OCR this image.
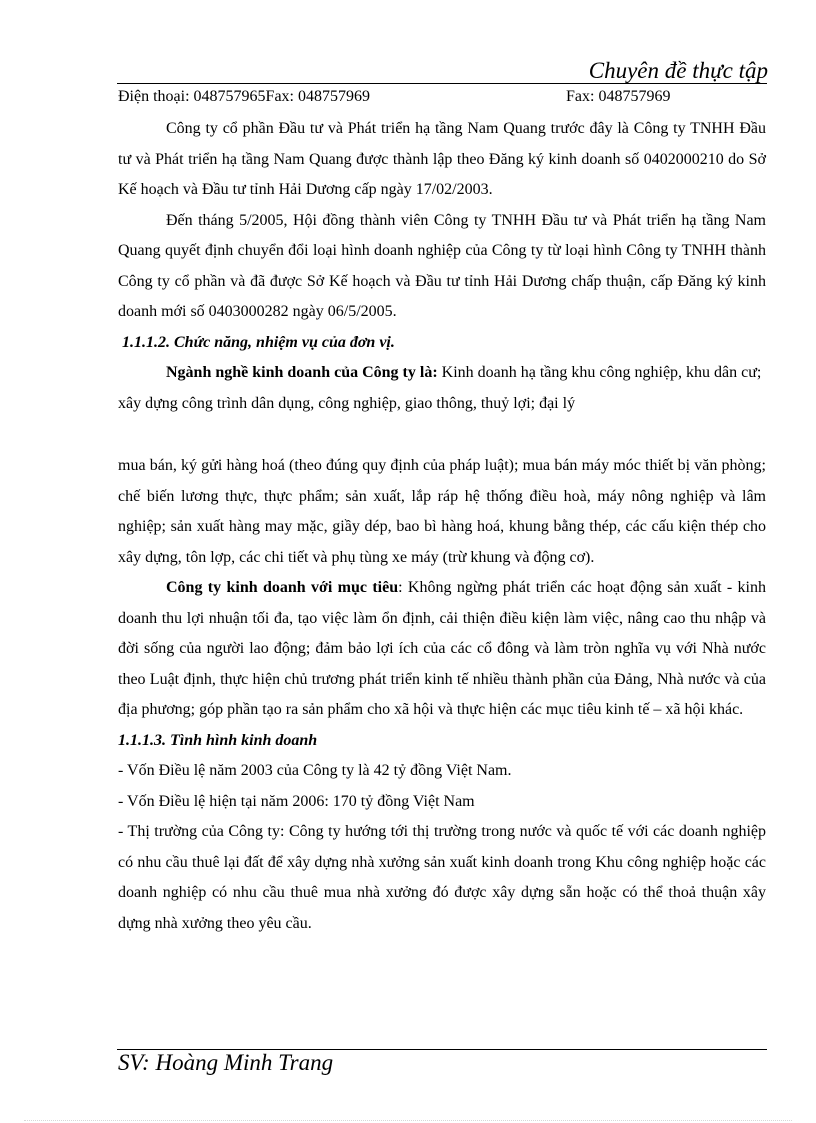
Chuyên đề thực tập
Điện thoại: 048757965Fax: 048757969	Fax: 048757969

Công ty cổ phần Đầu tư và Phát triển hạ tầng Nam Quang trước đây là Công ty TNHH Đầu tư và Phát triển hạ tầng Nam Quang được thành lập theo Đăng ký kinh doanh số 0402000210 do Sở Kế hoạch và Đầu tư tỉnh Hải Dương cấp ngày 17/02/2003.

Đến tháng 5/2005, Hội đồng thành viên Công ty TNHH Đầu tư và Phát triển hạ tầng Nam Quang quyết định chuyển đổi loại hình doanh nghiệp của Công ty từ loại hình Công ty TNHH thành Công ty cổ phần và đã được Sở Kế hoạch và Đầu tư tỉnh Hải Dương chấp thuận, cấp Đăng ký kinh doanh mới số 0403000282 ngày 06/5/2005.

1.1.1.2. Chức năng, nhiệm vụ của đơn vị.

Ngành nghề kinh doanh của Công ty là: Kinh doanh hạ tầng khu công nghiệp, khu dân cư; xây dựng công trình dân dụng, công nghiệp, giao thông, thuỷ lợi; đại lý

mua bán, ký gửi hàng hoá (theo đúng quy định của pháp luật); mua bán máy móc thiết bị văn phòng; chế biến lương thực, thực phẩm; sản xuất, lắp ráp hệ thống điều hoà, máy nông nghiệp và lâm nghiệp; sản xuất hàng may mặc, giầy dép, bao bì hàng hoá, khung bằng thép, các cấu kiện thép cho xây dựng, tôn lợp, các chi tiết và phụ tùng xe máy (trừ khung và động cơ).

Công ty kinh doanh với mục tiêu: Không ngừng phát triển các hoạt động sản xuất - kinh doanh thu lợi nhuận tối đa, tạo việc làm ổn định, cải thiện điều kiện làm việc, nâng cao thu nhập và đời sống của người lao động; đảm bảo lợi ích của các cổ đông và làm tròn nghĩa vụ với Nhà nước theo Luật định, thực hiện chủ trương phát triển kinh tế nhiều thành phần của Đảng, Nhà nước và của địa phương; góp phần tạo ra sản phẩm cho xã hội và thực hiện các mục tiêu kinh tế – xã hội khác.

1.1.1.3. Tình hình kinh doanh

- Vốn Điều lệ năm 2003 của Công ty là 42 tỷ đồng Việt Nam.

- Vốn Điều lệ hiện tại năm 2006: 170 tỷ đồng Việt Nam

- Thị trường của Công ty: Công ty hướng tới thị trường trong nước và quốc tế với các doanh nghiệp có nhu cầu thuê lại đất để xây dựng nhà xưởng sản xuất kinh doanh trong Khu công nghiệp hoặc các doanh nghiệp có nhu cầu thuê mua nhà xưởng đó được xây dựng sẵn hoặc có thể thoả thuận xây dựng nhà xưởng theo yêu cầu.

SV: Hoàng Minh Trang
